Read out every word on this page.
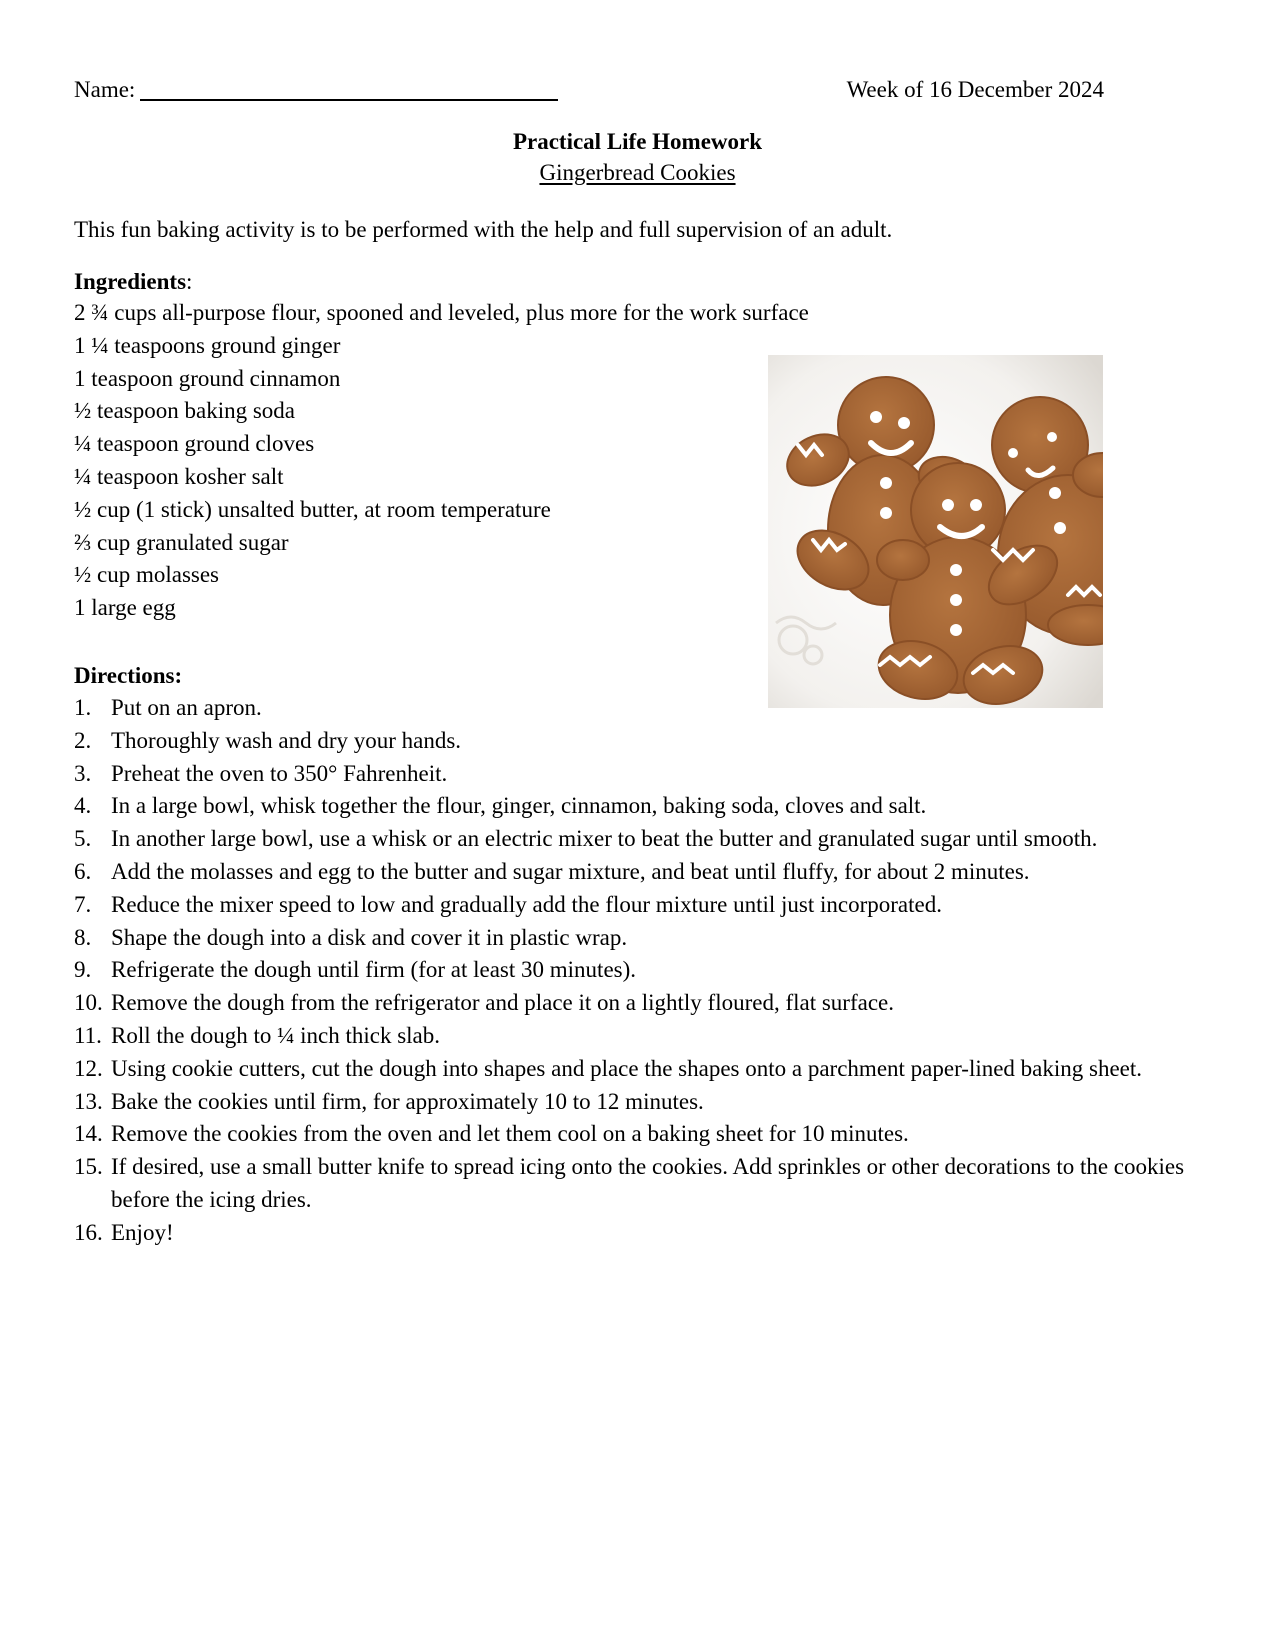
Name:	Week of 16 December 2024
Practical Life Homework
Gingerbread Cookies
This fun baking activity is to be performed with the help and full supervision of an adult.
Ingredients:
2 ¾ cups all-purpose flour, spooned and leveled, plus more for the work surface
1 ¼ teaspoons ground ginger
1 teaspoon ground cinnamon
½ teaspoon baking soda
¼ teaspoon ground cloves
¼ teaspoon kosher salt
½ cup (1 stick) unsalted butter, at room temperature
⅔ cup granulated sugar
½ cup molasses
1 large egg
Directions:
1. Put on an apron.
2. Thoroughly wash and dry your hands.
3. Preheat the oven to 350° Fahrenheit.
4. In a large bowl, whisk together the flour, ginger, cinnamon, baking soda, cloves and salt.
5. In another large bowl, use a whisk or an electric mixer to beat the butter and granulated sugar until smooth.
6. Add the molasses and egg to the butter and sugar mixture, and beat until fluffy, for about 2 minutes.
7. Reduce the mixer speed to low and gradually add the flour mixture until just incorporated.
8. Shape the dough into a disk and cover it in plastic wrap.
9. Refrigerate the dough until firm (for at least 30 minutes).
10. Remove the dough from the refrigerator and place it on a lightly floured, flat surface.
11. Roll the dough to ¼ inch thick slab.
12. Using cookie cutters, cut the dough into shapes and place the shapes onto a parchment paper-lined baking sheet.
13. Bake the cookies until firm, for approximately 10 to 12 minutes.
14. Remove the cookies from the oven and let them cool on a baking sheet for 10 minutes.
15. If desired, use a small butter knife to spread icing onto the cookies. Add sprinkles or other decorations to the cookies before the icing dries.
16. Enjoy!
